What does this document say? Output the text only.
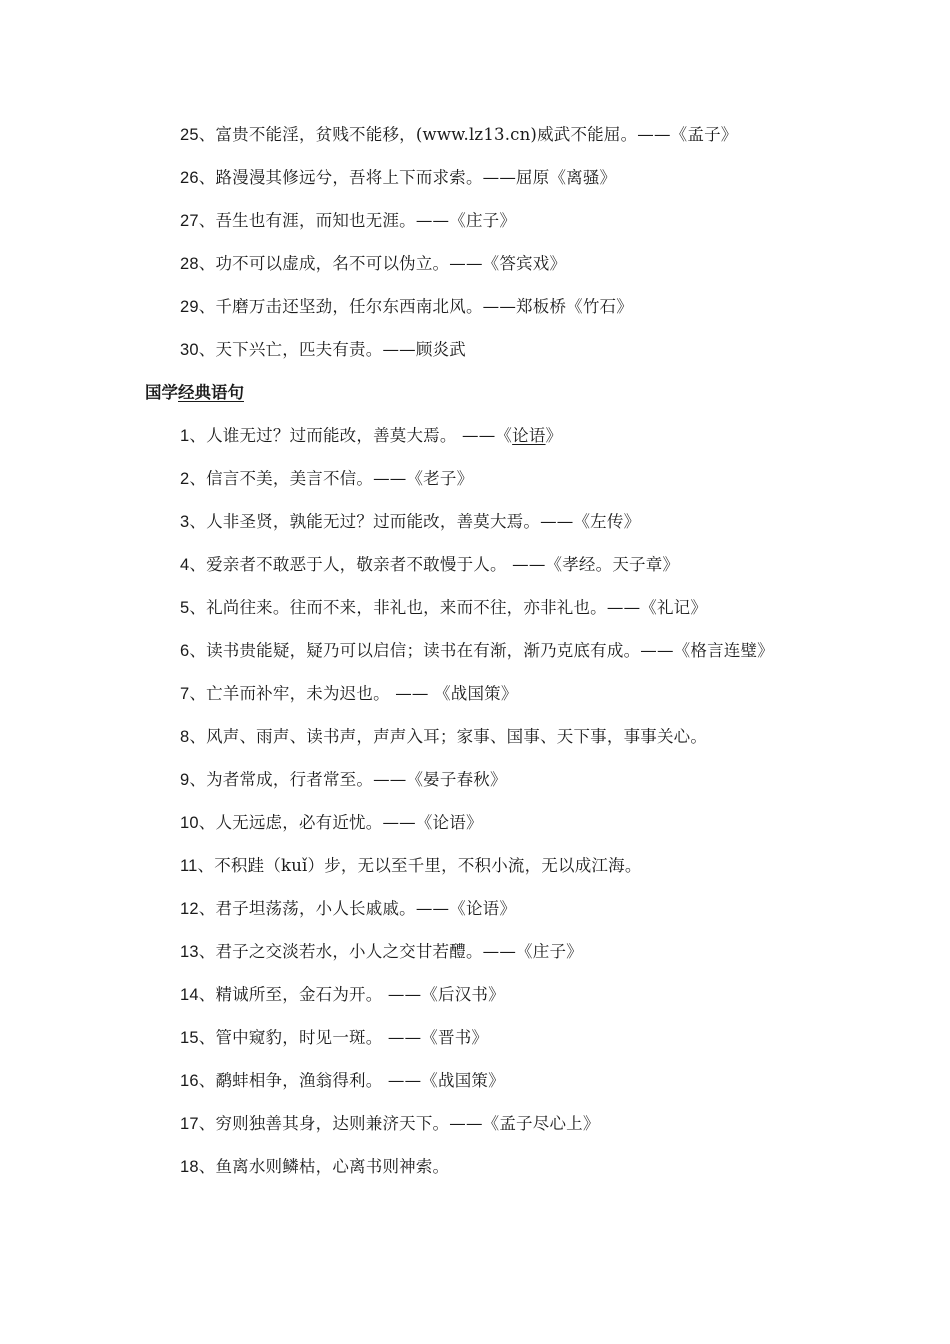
25、富贵不能淫，贫贱不能移，(www.lz13.cn)威武不能屈。——《孟子》
26、路漫漫其修远兮，吾将上下而求索。——屈原《离骚》
27、吾生也有涯，而知也无涯。——《庄子》
28、功不可以虚成，名不可以伪立。——《答宾戏》
29、千磨万击还坚劲，任尔东西南北风。——郑板桥《竹石》
30、天下兴亡，匹夫有责。——顾炎武
国学经典语句
1、人谁无过？过而能改，善莫大焉。 ——《论语》
2、信言不美，美言不信。——《老子》
3、人非圣贤，孰能无过？过而能改，善莫大焉。——《左传》
4、爱亲者不敢恶于人，敬亲者不敢慢于人。 ——《孝经。天子章》
5、礼尚往来。往而不来，非礼也，来而不往，亦非礼也。——《礼记》
6、读书贵能疑，疑乃可以启信；读书在有渐，渐乃克底有成。——《格言连璧》
7、亡羊而补牢，未为迟也。 —— 《战国策》
8、风声、雨声、读书声，声声入耳；家事、国事、天下事，事事关心。
9、为者常成，行者常至。——《晏子春秋》
10、人无远虑，必有近忧。——《论语》
11、不积跬（kuǐ）步，无以至千里，不积小流，无以成江海。
12、君子坦荡荡，小人长戚戚。——《论语》
13、君子之交淡若水，小人之交甘若醴。——《庄子》
14、精诚所至，金石为开。 ——《后汉书》
15、管中窥豹，时见一斑。 ——《晋书》
16、鹬蚌相争，渔翁得利。 ——《战国策》
17、穷则独善其身，达则兼济天下。——《孟子尽心上》
18、鱼离水则鳞枯，心离书则神索。
